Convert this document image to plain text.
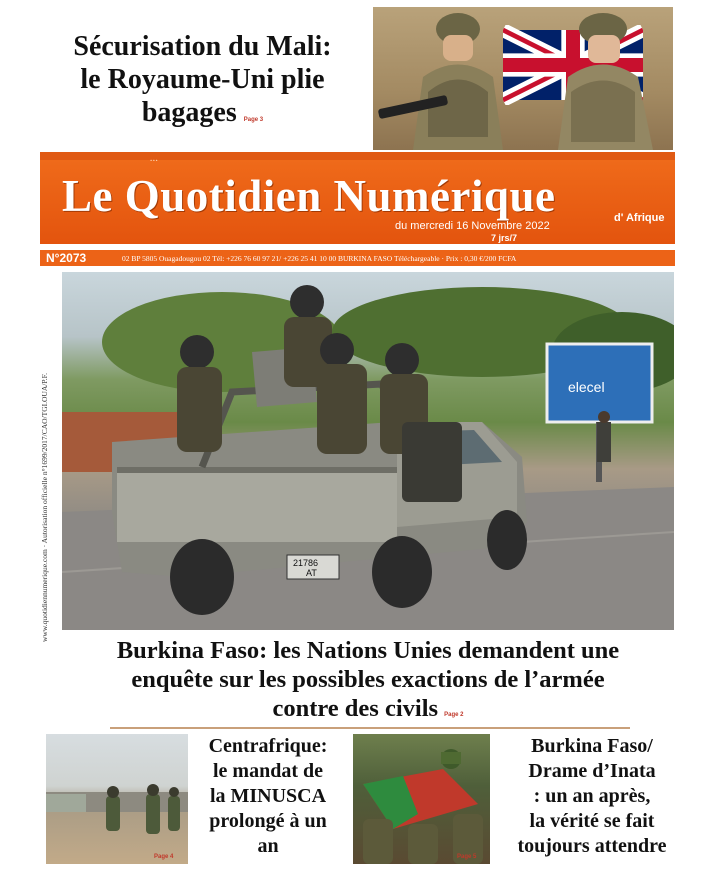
Sécurisation du Mali:
le Royaume-Uni plie
bagages Page 3
...
Le Quotidien Numérique	d' Afrique
du mercredi 16 Novembre 2022
7 jrs/7
N°2073	02 BP 5805 Ouagadougou 02 Tél: +226 76 60 97 21/ +226 25 41 10 00 BURKINA FASO Téléchargeable · Prix : 0,30 €/200 FCFA
www.quotidiennumerique.com · Autorisation officielle n°1699/2017/CAO/TGI.OUA/P.F.	elecel
21786
AT
Burkina Faso: les Nations Unies demandent une
enquête sur les possibles exactions de l’armée
contre des civils Page 2
Page 4
Centrafrique:
le mandat de
la MINUSCA
prolongé à un
an	Page 5
Burkina Faso/
Drame d’Inata
: un an après,
la vérité se fait
toujours attendre
